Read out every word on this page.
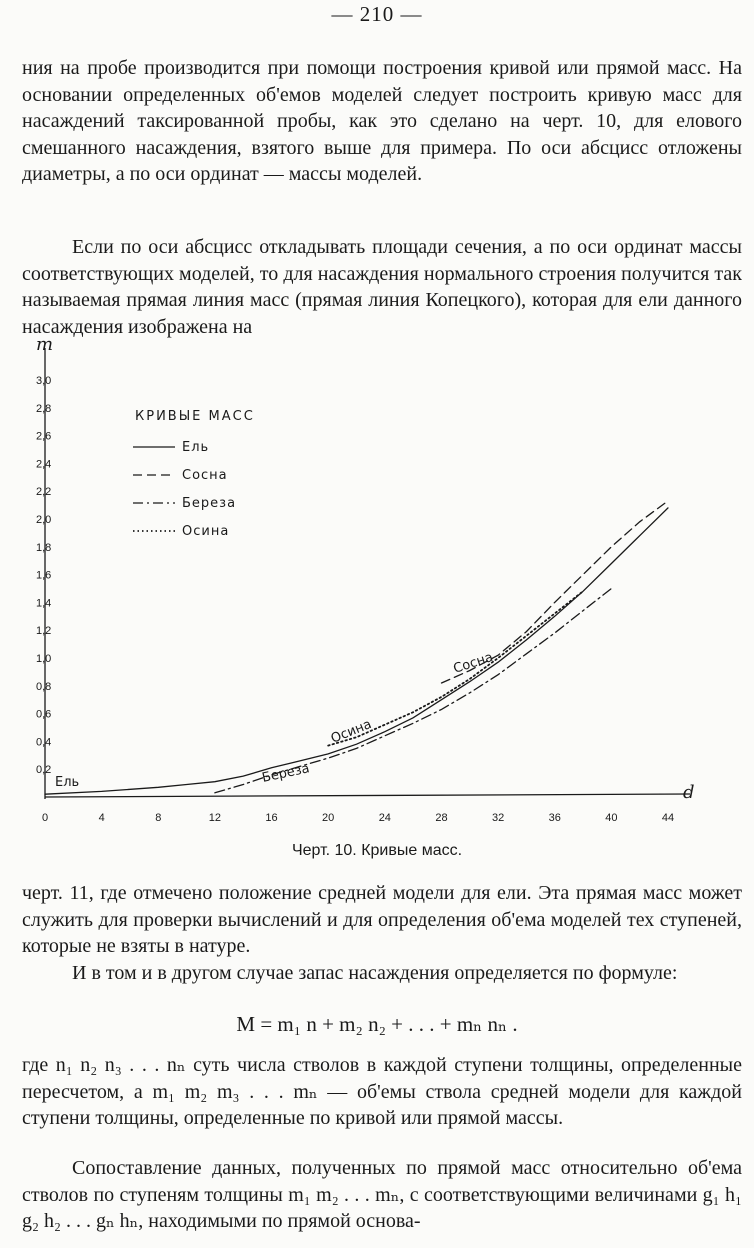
— 210 —

ния на пробе производится при помощи построения кривой или прямой масс. На основании определенных об'емов моделей следует построить кривую масс для насаждений таксированной пробы, как это сделано на черт. 10, для елового смешанного насаждения, взятого выше для примера. По оси абсцисс отложены диаметры, а по оси ординат — массы моделей.

Если по оси абсцисс откладывать площади сечения, а по оси ординат массы соответствующих моделей, то для насаждения нормального строения получится так называемая прямая линия масс (прямая линия Копецкого), которая для ели данного насаждения изображена на

m
d
0	4	8	12	16	20	24	28	32	36	40	44
0,2
0,4
0,6
0,8
1,0
1,2
1,4
1,6
1,8
2,0
2,2
2,4
2,6
2,8
3,0
КРИВЫЕ МАСС
Ель
Сосна
Береза
Осина
Ель	Береза
Осина
Сосна
Черт. 10. Кривые масс.

черт. 11, где отмечено положение средней модели для ели. Эта прямая масс может служить для проверки вычислений и для определения об'ема моделей тех ступеней, которые не взяты в натуре.

И в том и в другом случае запас насаждения определяется по формуле:

M = m₁ n + m₂ n₂ + . . . + mₙ nₙ .

где n₁ n₂ n₃ . . . nₙ суть числа стволов в каждой ступени толщины, определенные пересчетом, а m₁ m₂ m₃ . . . mₙ — об'емы ствола средней модели для каждой ступени толщины, определенные по кривой или прямой массы.

Сопоставление данных, полученных по прямой масс относительно об'ема стволов по ступеням толщины m₁ m₂ . . . mₙ, с соответствующими величинами g₁ h₁ g₂ h₂ . . . gₙ hₙ, находимыми по прямой основа-
